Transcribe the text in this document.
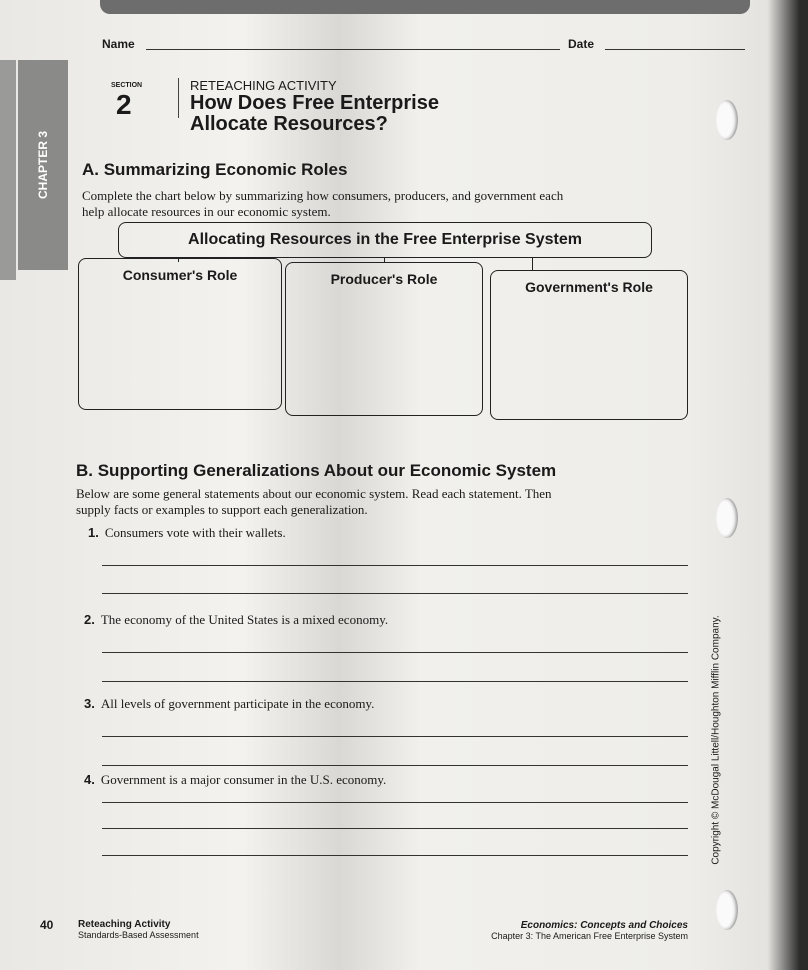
CHAPTER 3
Name	Date
SECTION
2
RETEACHING ACTIVITY
How Does Free Enterprise
Allocate Resources?
A. Summarizing Economic Roles
Complete the chart below by summarizing how consumers, producers, and government each
help allocate resources in our economic system.
Allocating Resources in the Free Enterprise System
Consumer's Role	Producer's Role	Government's Role
B. Supporting Generalizations About our Economic System
Below are some general statements about our economic system. Read each statement. Then
supply facts or examples to support each generalization.
1. Consumers vote with their wallets.
2. The economy of the United States is a mixed economy.
3. All levels of government participate in the economy.
4. Government is a major consumer in the U.S. economy.	Copyright © McDougal Littell/Houghton Mifflin Company.
40 Reteaching Activity
Standards-Based Assessment
Economics: Concepts and Choices
Chapter 3: The American Free Enterprise System
